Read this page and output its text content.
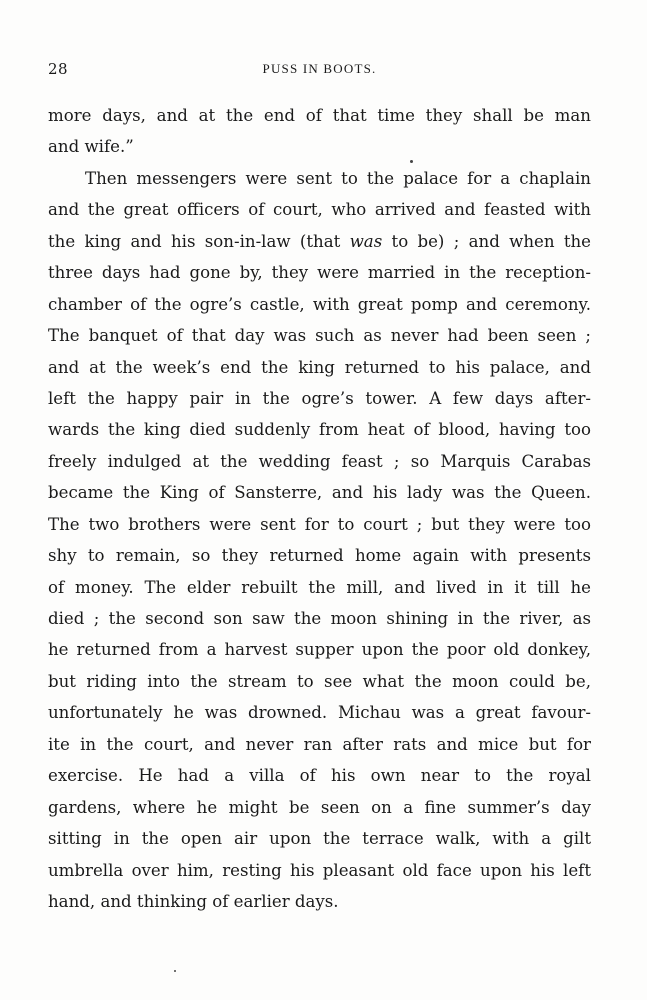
28	PUSS IN BOOTS.
more days, and at the end of that time they shall be man
and wife.”
Then messengers were sent to the palace for a chaplain
and the great officers of court, who arrived and feasted with
the king and his son-in-law (that was to be) ; and when the
three days had gone by, they were married in the reception-
chamber of the ogre’s castle, with great pomp and ceremony.
The banquet of that day was such as never had been seen ;
and at the week’s end the king returned to his palace, and
left the happy pair in the ogre’s tower. A few days after-
wards the king died suddenly from heat of blood, having too
freely indulged at the wedding feast ; so Marquis Carabas
became the King of Sansterre, and his lady was the Queen.
The two brothers were sent for to court ; but they were too
shy to remain, so they returned home again with presents
of money. The elder rebuilt the mill, and lived in it till he
died ; the second son saw the moon shining in the river, as
he returned from a harvest supper upon the poor old donkey,
but riding into the stream to see what the moon could be,
unfortunately he was drowned. Michau was a great favour-
ite in the court, and never ran after rats and mice but for
exercise. He had a villa of his own near to the royal
gardens, where he might be seen on a fine summer’s day
sitting in the open air upon the terrace walk, with a gilt
umbrella over him, resting his pleasant old face upon his left
hand, and thinking of earlier days.
